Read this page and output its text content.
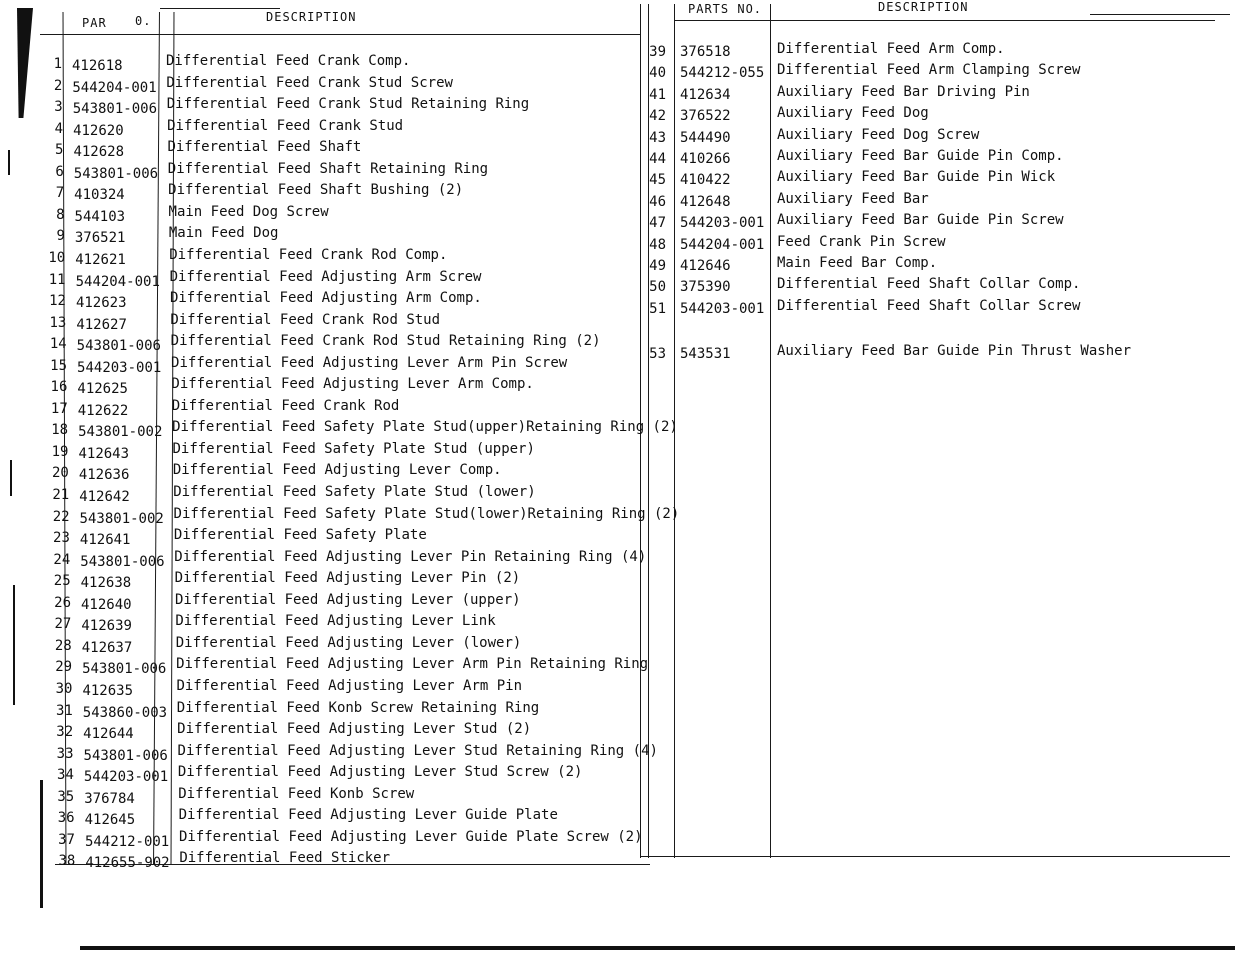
PAR 0.	DESCRIPTION
PARTS NO.	DESCRIPTION
1 412618	Differential Feed Crank Comp.
2 544204-001 Differential Feed Crank Stud Screw
3 543801-006 Differential Feed Crank Stud Retaining Ring
4 412620	Differential Feed Crank Stud
5 412628	Differential Feed Shaft
6 543801-006 Differential Feed Shaft Retaining Ring
7 410324	Differential Feed Shaft Bushing (2)
8 544103	Main Feed Dog Screw
9 376521	Main Feed Dog
10 412621	Differential Feed Crank Rod Comp.
11 544204-001 Differential Feed Adjusting Arm Screw
12 412623	Differential Feed Adjusting Arm Comp.
13 412627	Differential Feed Crank Rod Stud
14 543801-006 Differential Feed Crank Rod Stud Retaining Ring (2)
15 544203-001 Differential Feed Adjusting Lever Arm Pin Screw
16 412625	Differential Feed Adjusting Lever Arm Comp.
17 412622	Differential Feed Crank Rod
18 543801-002 Differential Feed Safety Plate Stud(upper)Retaining Ring (2)
19 412643	Differential Feed Safety Plate Stud (upper)
20 412636	Differential Feed Adjusting Lever Comp.
21 412642	Differential Feed Safety Plate Stud (lower)
22 543801-002 Differential Feed Safety Plate Stud(lower)Retaining Ring (2)
23 412641	Differential Feed Safety Plate
24 543801-006 Differential Feed Adjusting Lever Pin Retaining Ring (4)
25 412638	Differential Feed Adjusting Lever Pin (2)
26 412640	Differential Feed Adjusting Lever (upper)
27 412639	Differential Feed Adjusting Lever Link
28 412637	Differential Feed Adjusting Lever (lower)
29 543801-006 Differential Feed Adjusting Lever Arm Pin Retaining Ring
30 412635	Differential Feed Adjusting Lever Arm Pin
31 543860-003 Differential Feed Konb Screw Retaining Ring
32 412644	Differential Feed Adjusting Lever Stud (2)
33 543801-006 Differential Feed Adjusting Lever Stud Retaining Ring (4)
34 544203-001 Differential Feed Adjusting Lever Stud Screw (2)
35 376784	Differential Feed Konb Screw
36 412645	Differential Feed Adjusting Lever Guide Plate
37 544212-001 Differential Feed Adjusting Lever Guide Plate Screw (2)
38 412655-902 Differential Feed Sticker
39 376518	Differential Feed Arm Comp.
40 544212-055 Differential Feed Arm Clamping Screw
41 412634	Auxiliary Feed Bar Driving Pin
42 376522	Auxiliary Feed Dog
43 544490	Auxiliary Feed Dog Screw
44 410266	Auxiliary Feed Bar Guide Pin Comp.
45 410422	Auxiliary Feed Bar Guide Pin Wick
46 412648	Auxiliary Feed Bar
47 544203-001 Auxiliary Feed Bar Guide Pin Screw
48 544204-001 Feed Crank Pin Screw
49 412646	Main Feed Bar Comp.
50 375390	Differential Feed Shaft Collar Comp.
51 544203-001 Differential Feed Shaft Collar Screw
53 543531	Auxiliary Feed Bar Guide Pin Thrust Washer
